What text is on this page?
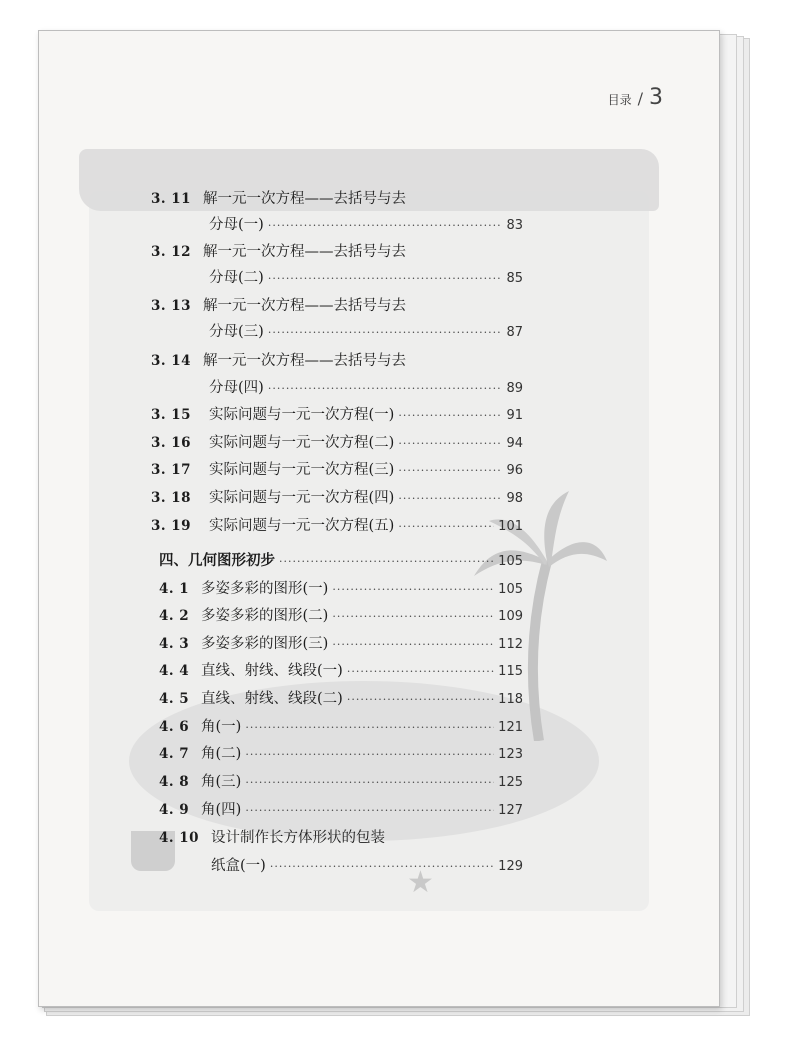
★
目录 / 3
3. 11 解一元一次方程——去括号与去
分母(一) ·····	83
3. 12 解一元一次方程——去括号与去
分母(二) ·····	85
3. 13 解一元一次方程——去括号与去
分母(三) ·····	87
3. 14 解一元一次方程——去括号与去
分母(四) ·····	89
3. 15	实际问题与一元一次方程(一) ·····	91
3. 16	实际问题与一元一次方程(二) ·····	94
3. 17	实际问题与一元一次方程(三) ·····	96
3. 18	实际问题与一元一次方程(四) ·····	98
3. 19	实际问题与一元一次方程(五) ·····	101
四、几何图形初步 ·····	105
4. 1 多姿多彩的图形(一) ·····	105
4. 2 多姿多彩的图形(二) ·····	109
4. 3 多姿多彩的图形(三) ·····	112
4. 4 直线、射线、线段(一) ·····	115
4. 5 直线、射线、线段(二) ·····	118
4. 6 角(一) ·····	121
4. 7 角(二) ·····	123
4. 8 角(三) ·····	125
4. 9 角(四) ·····	127
4. 10 设计制作长方体形状的包装
纸盒(一) ·····	129
